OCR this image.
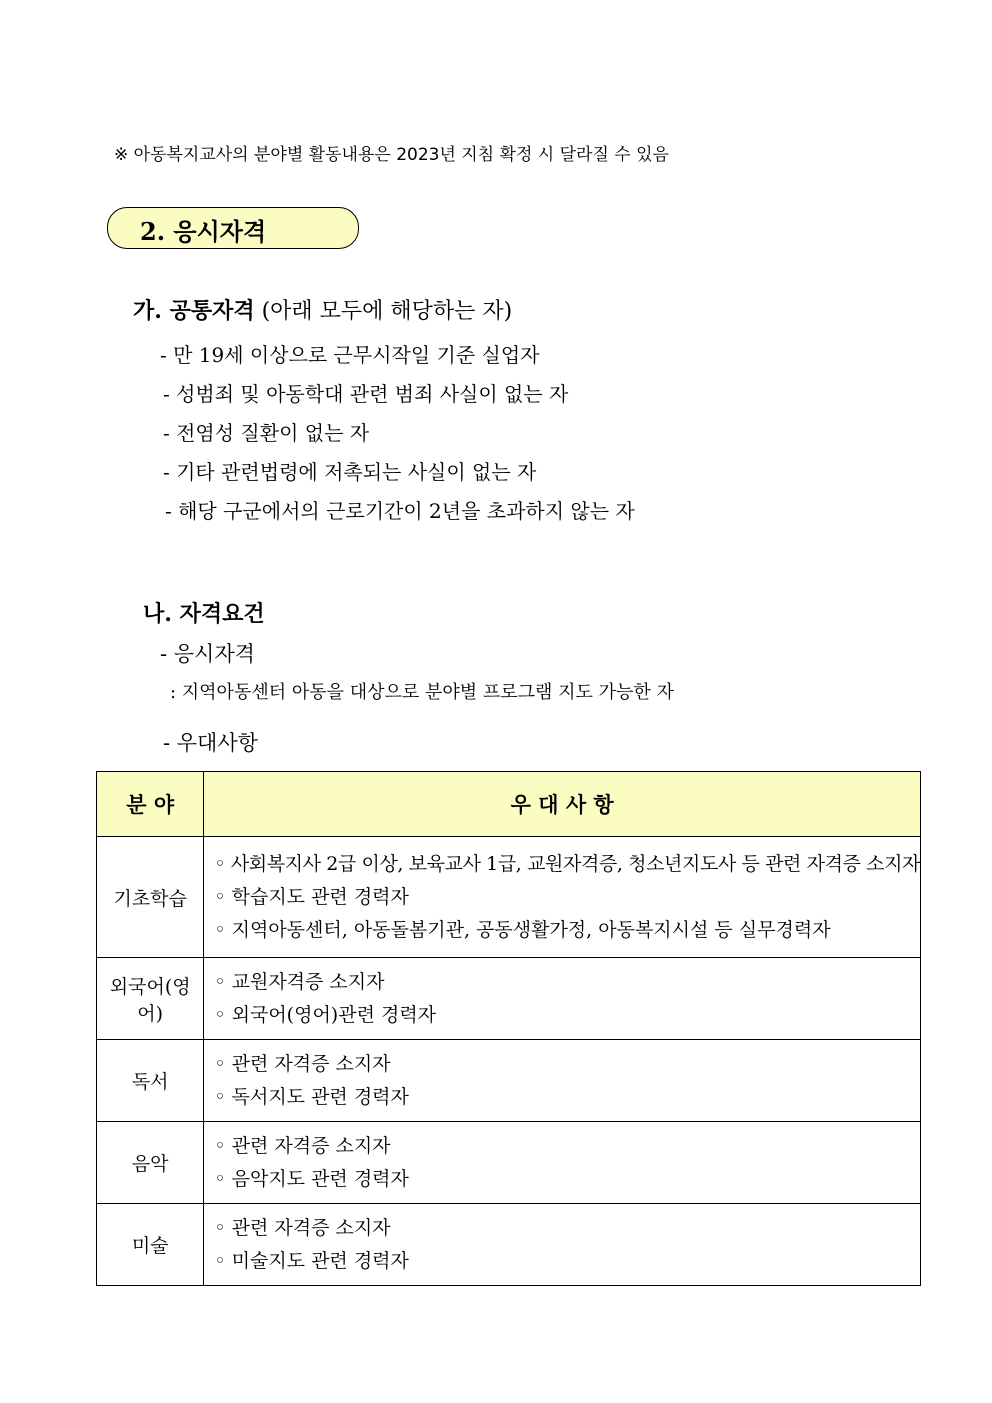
※ 아동복지교사의 분야별 활동내용은 2023년 지침 확정 시 달라질 수 있음
2. 응시자격
가. 공통자격 (아래 모두에 해당하는 자)
- 만 19세 이상으로 근무시작일 기준 실업자
- 성범죄 및 아동학대 관련 범죄 사실이 없는 자
- 전염성 질환이 없는 자
- 기타 관련법령에 저촉되는 사실이 없는 자
- 해당 구군에서의 근로기간이 2년을 초과하지 않는 자
나. 자격요건
- 응시자격
: 지역아동센터 아동을 대상으로 분야별 프로그램 지도 가능한 자
- 우대사항
분 야	우 대 사 항
기초학습	◦ 사회복지사 2급 이상, 보육교사 1급, 교원자격증, 청소년지도사 등 관련 자격증 소지자
◦ 학습지도 관련 경력자
◦ 지역아동센터, 아동돌봄기관, 공동생활가정, 아동복지시설 등 실무경력자

외국어(영어)	◦ 교원자격증 소지자
◦ 외국어(영어)관련 경력자

독서	◦ 관련 자격증 소지자
◦ 독서지도 관련 경력자

음악	◦ 관련 자격증 소지자
◦ 음악지도 관련 경력자

미술	◦ 관련 자격증 소지자
◦ 미술지도 관련 경력자
